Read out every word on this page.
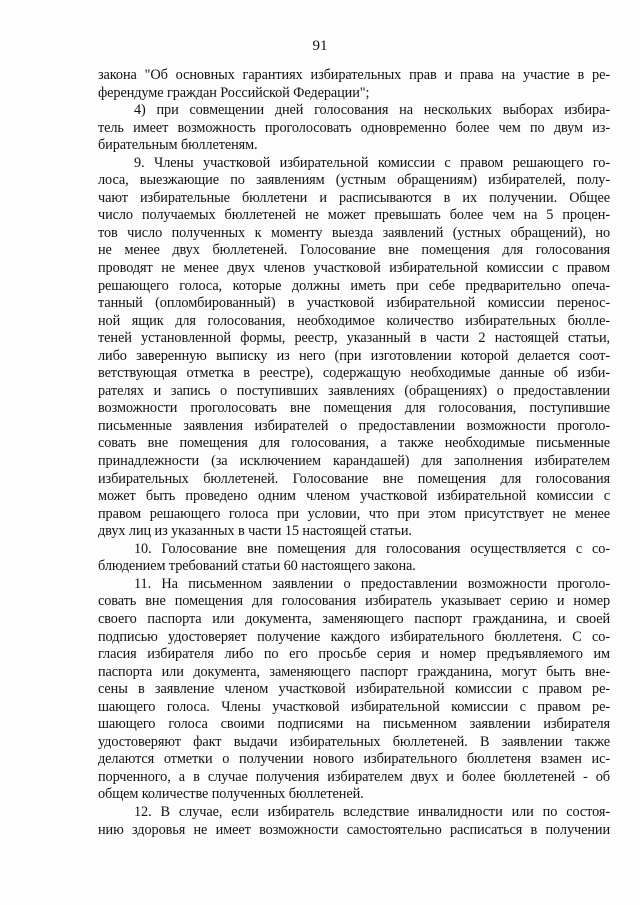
91
закона "Об основных гарантиях избирательных прав и права на участие в ре-
ферендуме граждан Российской Федерации";
4) при совмещении дней голосования на нескольких выборах избира-
тель имеет возможность проголосовать одновременно более чем по двум из-
бирательным бюллетеням.
9. Члены участковой избирательной комиссии с правом решающего го-
лоса, выезжающие по заявлениям (устным обращениям) избирателей, полу-
чают избирательные бюллетени и расписываются в их получении. Общее
число получаемых бюллетеней не может превышать более чем на 5 процен-
тов число полученных к моменту выезда заявлений (устных обращений), но
не менее двух бюллетеней. Голосование вне помещения для голосования
проводят не менее двух членов участковой избирательной комиссии с правом
решающего голоса, которые должны иметь при себе предварительно опеча-
танный (опломбированный) в участковой избирательной комиссии перенос-
ной ящик для голосования, необходимое количество избирательных бюлле-
теней установленной формы, реестр, указанный в части 2 настоящей статьи,
либо заверенную выписку из него (при изготовлении которой делается соот-
ветствующая отметка в реестре), содержащую необходимые данные об изби-
рателях и запись о поступивших заявлениях (обращениях) о предоставлении
возможности проголосовать вне помещения для голосования, поступившие
письменные заявления избирателей о предоставлении возможности проголо-
совать вне помещения для голосования, а также необходимые письменные
принадлежности (за исключением карандашей) для заполнения избирателем
избирательных бюллетеней. Голосование вне помещения для голосования
может быть проведено одним членом участковой избирательной комиссии с
правом решающего голоса при условии, что при этом присутствует не менее
двух лиц из указанных в части 15 настоящей статьи.
10. Голосование вне помещения для голосования осуществляется с со-
блюдением требований статьи 60 настоящего закона.
11. На письменном заявлении о предоставлении возможности проголо-
совать вне помещения для голосования избиратель указывает серию и номер
своего паспорта или документа, заменяющего паспорт гражданина, и своей
подписью удостоверяет получение каждого избирательного бюллетеня. С со-
гласия избирателя либо по его просьбе серия и номер предъявляемого им
паспорта или документа, заменяющего паспорт гражданина, могут быть вне-
сены в заявление членом участковой избирательной комиссии с правом ре-
шающего голоса. Члены участковой избирательной комиссии с правом ре-
шающего голоса своими подписями на письменном заявлении избирателя
удостоверяют факт выдачи избирательных бюллетеней. В заявлении также
делаются отметки о получении нового избирательного бюллетеня взамен ис-
порченного, а в случае получения избирателем двух и более бюллетеней - об
общем количестве полученных бюллетеней.
12. В случае, если избиратель вследствие инвалидности или по состоя-
нию здоровья не имеет возможности самостоятельно расписаться в получении
